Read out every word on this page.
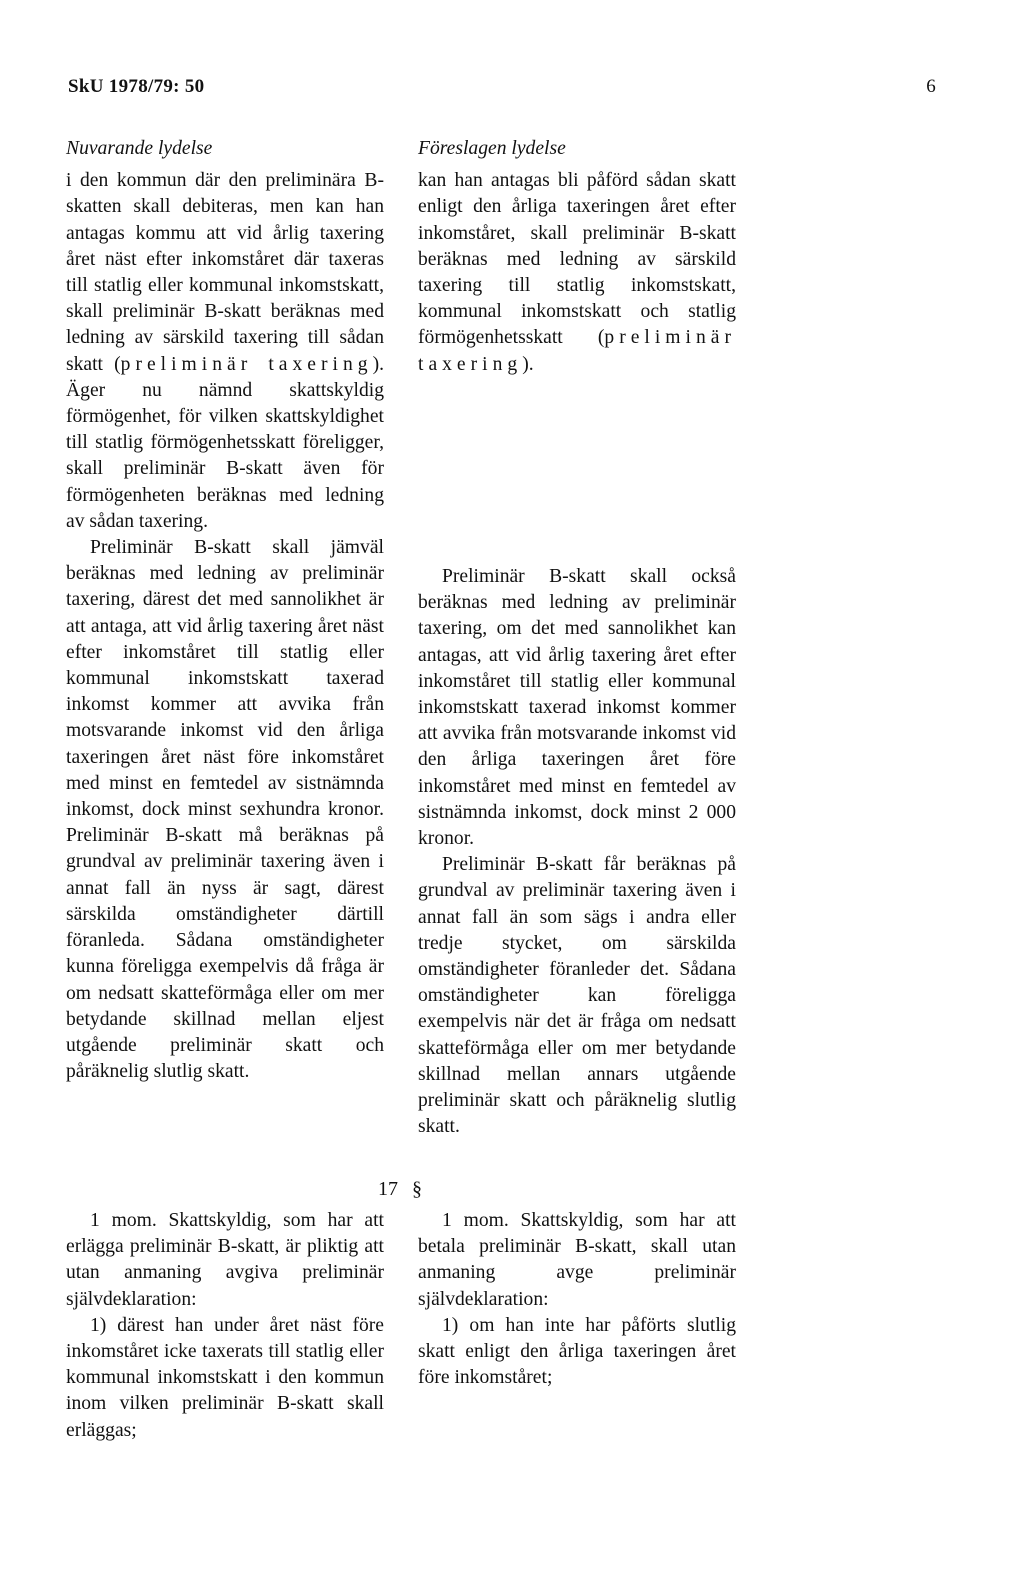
SkU 1978/79: 50	6
Nuvarande lydelse

i den kommun där den preliminära B-skatten skall debiteras, men kan han antagas kommu att vid årlig taxering året näst efter inkomståret där taxeras till statlig eller kommunal inkomstskatt, skall preliminär B-skatt beräknas med ledning av särskild taxering till sådan skatt (preliminär taxering). Äger nu nämnd skattskyldig förmögenhet, för vilken skattskyldighet till statlig förmögenhetsskatt föreligger, skall preliminär B-skatt även för förmögenheten beräknas med ledning av sådan taxering.

Preliminär B-skatt skall jämväl beräknas med ledning av preliminär taxering, därest det med sannolikhet är att antaga, att vid årlig taxering året näst efter inkomståret till statlig eller kommunal inkomstskatt taxerad inkomst kommer att avvika från motsvarande inkomst vid den årliga taxeringen året näst före inkomståret med minst en femtedel av sistnämnda inkomst, dock minst sexhundra kronor. Preliminär B-skatt må beräknas på grundval av preliminär taxering även i annat fall än nyss är sagt, därest särskilda omständigheter därtill föranleda. Sådana omständigheter kunna föreligga exempelvis då fråga är om nedsatt skatteförmåga eller om mer betydande skillnad mellan eljest utgående preliminär skatt och påräknelig slutlig skatt.

Föreslagen lydelse

kan han antagas bli påförd sådan skatt enligt den årliga taxeringen året efter inkomståret, skall preliminär B-skatt beräknas med ledning av särskild taxering till statlig inkomstskatt, kommunal inkomstskatt och statlig förmögenhetsskatt (preliminär taxering).

Preliminär B-skatt skall också beräknas med ledning av preliminär taxering, om det med sannolikhet kan antagas, att vid årlig taxering året efter inkomståret till statlig eller kommunal inkomstskatt taxerad inkomst kommer att avvika från motsvarande inkomst vid den årliga taxeringen året före inkomståret med minst en femtedel av sistnämnda inkomst, dock minst 2 000 kronor.

Preliminär B-skatt får beräknas på grundval av preliminär taxering även i annat fall än som sägs i andra eller tredje stycket, om särskilda omständigheter föranleder det. Sådana omständigheter kan föreligga exempelvis när det är fråga om nedsatt skatteförmåga eller om mer betydande skillnad mellan annars utgående preliminär skatt och påräknelig slutlig skatt.

17 §

1 mom. Skattskyldig, som har att erlägga preliminär B-skatt, är pliktig att utan anmaning avgiva preliminär självdeklaration:

1) därest han under året näst före inkomståret icke taxerats till statlig eller kommunal inkomstskatt i den kommun inom vilken preliminär B-skatt skall erläggas;

1 mom. Skattskyldig, som har att betala preliminär B-skatt, skall utan anmaning avge preliminär självdeklaration:

1) om han inte har påförts slutlig skatt enligt den årliga taxeringen året före inkomståret;
